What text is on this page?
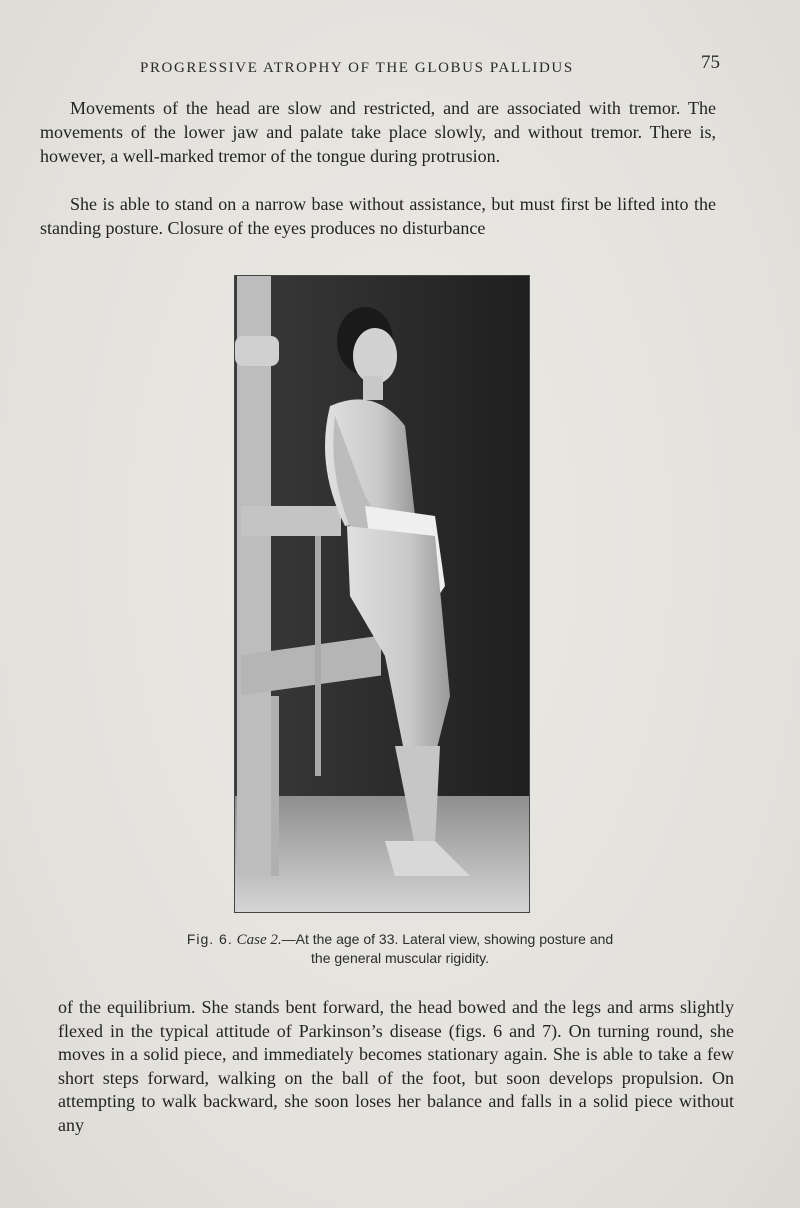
PROGRESSIVE ATROPHY OF THE GLOBUS PALLIDUS	75

Movements of the head are slow and restricted, and are associated with tremor. The movements of the lower jaw and palate take place slowly, and without tremor. There is, however, a well-marked tremor of the tongue during protrusion.

She is able to stand on a narrow base without assistance, but must first be lifted into the standing posture. Closure of the eyes produces no disturbance

Fig. 6. Case 2.—At the age of 33. Lateral view, showing posture and
the general muscular rigidity.

of the equilibrium. She stands bent forward, the head bowed and the legs and arms slightly flexed in the typical attitude of Parkinson’s disease (figs. 6 and 7). On turning round, she moves in a solid piece, and immediately becomes stationary again. She is able to take a few short steps forward, walking on the ball of the foot, but soon develops propulsion. On attempting to walk backward, she soon loses her balance and falls in a solid piece without any
